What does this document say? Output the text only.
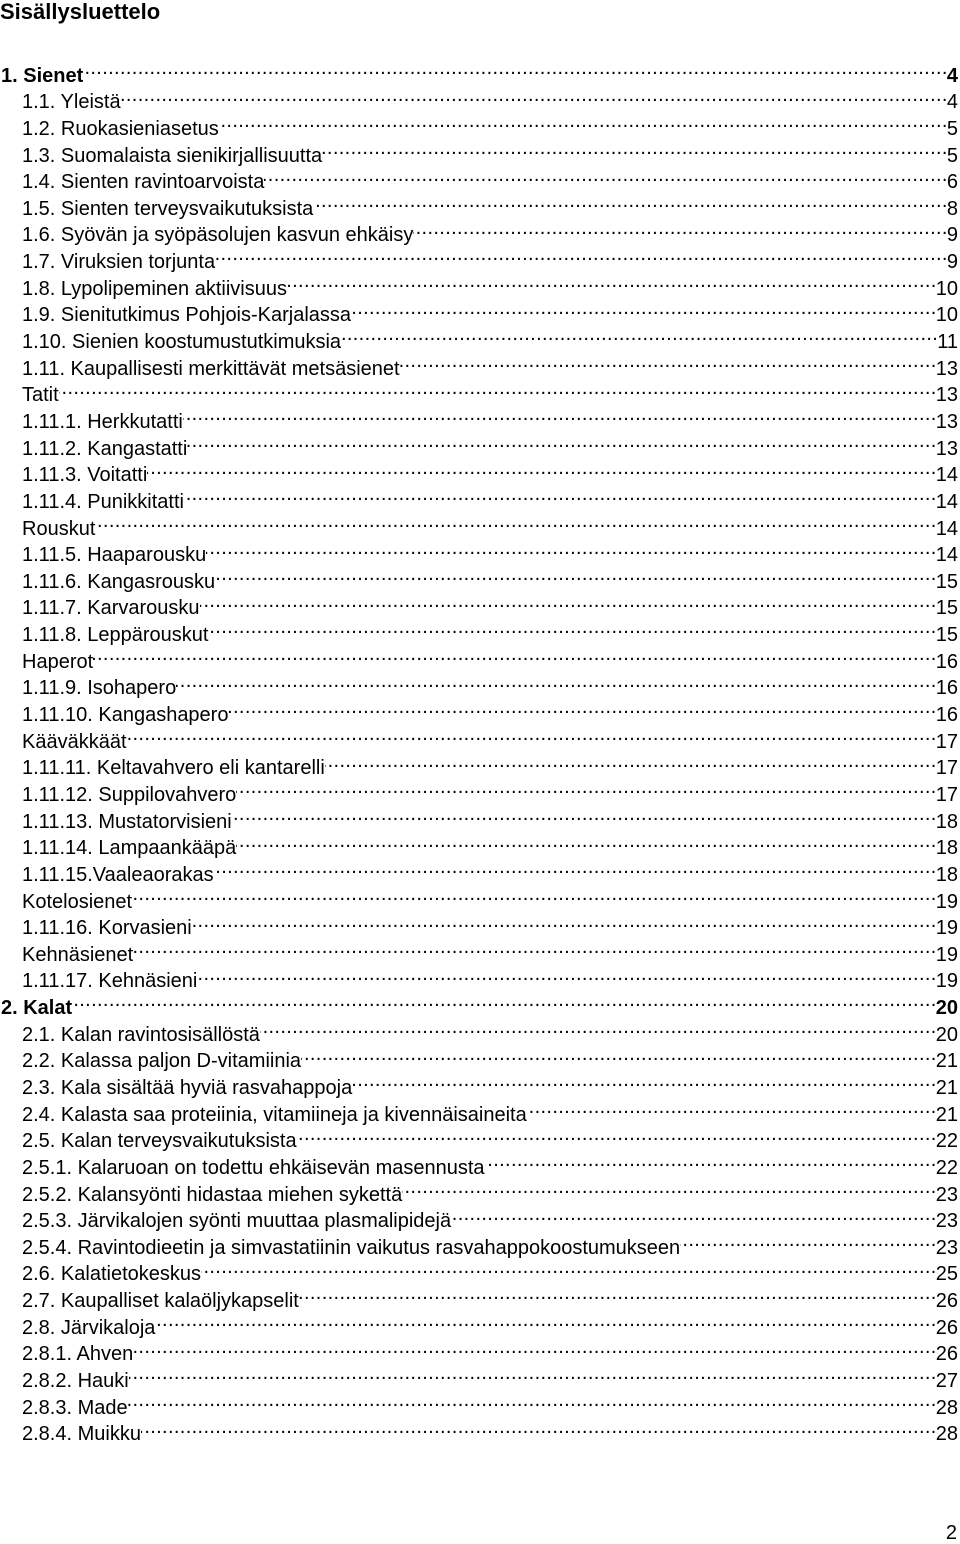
Sisällysluettelo
1. Sienet . . .	4
1.1. Yleistä . . .	4
1.2. Ruokasieniasetus . . .	5
1.3. Suomalaista sienikirjallisuutta . . .	5
1.4. Sienten ravintoarvoista . . .	6
1.5. Sienten terveysvaikutuksista . . .	8
1.6. Syövän ja syöpäsolujen kasvun ehkäisy . . .	9
1.7. Viruksien torjunta . . .	9
1.8. Lypolipeminen aktiivisuus . . .	10
1.9. Sienitutkimus Pohjois-Karjalassa . . .	10
1.10. Sienien koostumustutkimuksia . . .	11
1.11. Kaupallisesti merkittävät metsäsienet . . .	13
Tatit . . .	13
1.11.1. Herkkutatti . . .	13
1.11.2. Kangastatti . . .	13
1.11.3. Voitatti . . .	14
1.11.4. Punikkitatti . . .	14
Rouskut . . .	14
1.11.5. Haaparousku . . .	14
1.11.6. Kangasrousku . . .	15
1.11.7. Karvarousku . . .	15
1.11.8. Leppärouskut . . .	15
Haperot . . .	16
1.11.9. Isohapero . . .	16
1.11.10. Kangashapero . . .	16
Kääväkkäät . . .	17
1.11.11. Keltavahvero eli kantarelli . . .	17
1.11.12. Suppilovahvero . . .	17
1.11.13. Mustatorvisieni . . .	18
1.11.14. Lampaankääpä . . .	18
1.11.15.Vaaleaorakas . . .	18
Kotelosienet . . .	19
1.11.16. Korvasieni . . .	19
Kehnäsienet . . .	19
1.11.17. Kehnäsieni . . .	19
2. Kalat . . .	20
2.1. Kalan ravintosisällöstä . . .	20
2.2. Kalassa paljon D-vitamiinia . . .	21
2.3. Kala sisältää hyviä rasvahappoja . . .	21
2.4. Kalasta saa proteiinia, vitamiineja ja kivennäisaineita . . .	21
2.5. Kalan terveysvaikutuksista . . .	22
2.5.1. Kalaruoan on todettu ehkäisevän masennusta . . .	22
2.5.2. Kalansyönti hidastaa miehen sykettä . . .	23
2.5.3. Järvikalojen syönti muuttaa plasmalipidejä . . .	23
2.5.4. Ravintodieetin ja simvastatiinin vaikutus rasvahappokoostumukseen . . .	23
2.6. Kalatietokeskus . . .	25
2.7. Kaupalliset kalaöljykapselit . . .	26
2.8. Järvikaloja . . .	26
2.8.1. Ahven . . .	26
2.8.2. Hauki . . .	27
2.8.3. Made . . .	28
2.8.4. Muikku . . .	28
2
